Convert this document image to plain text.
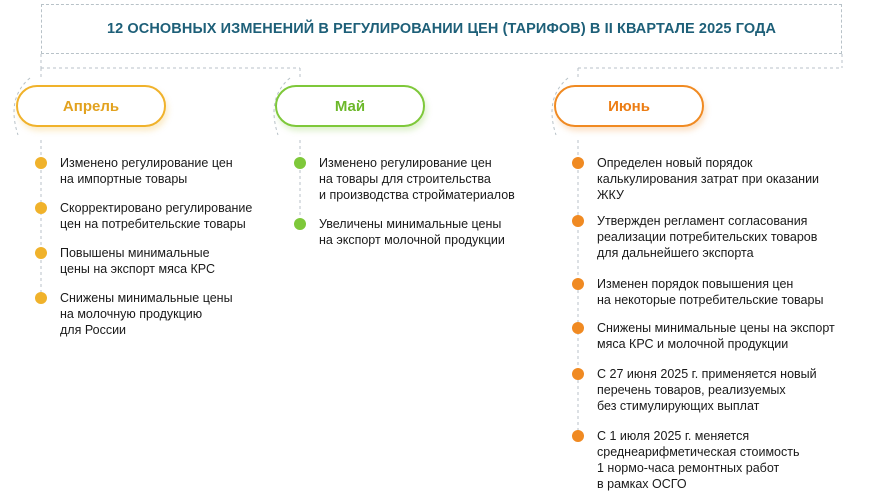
12 ОСНОВНЫХ ИЗМЕНЕНИЙ В РЕГУЛИРОВАНИИ ЦЕН (ТАРИФОВ) В II КВАРТАЛЕ 2025 ГОДА
Апрель	Май	Июнь
Изменено регулирование цен
на импортные товары
Скорректировано регулирование
цен на потребительские товары
Повышены минимальные
цены на экспорт мяса КРС
Снижены минимальные цены
на молочную продукцию
для России
Изменено регулирование цен
на товары для строительства
и производства стройматериалов
Увеличены минимальные цены
на экспорт молочной продукции
Определен новый порядок
калькулирования затрат при оказании
ЖКУ
Утвержден регламент согласования
реализации потребительских товаров
для дальнейшего экспорта
Изменен порядок повышения цен
на некоторые потребительские товары
Снижены минимальные цены на экспорт
мяса КРС и молочной продукции
С 27 июня 2025 г. применяется новый
перечень товаров, реализуемых
без стимулирующих выплат
С 1 июля 2025 г. меняется
среднеарифметическая стоимость
1 нормо-часа ремонтных работ
в рамках ОСГО
